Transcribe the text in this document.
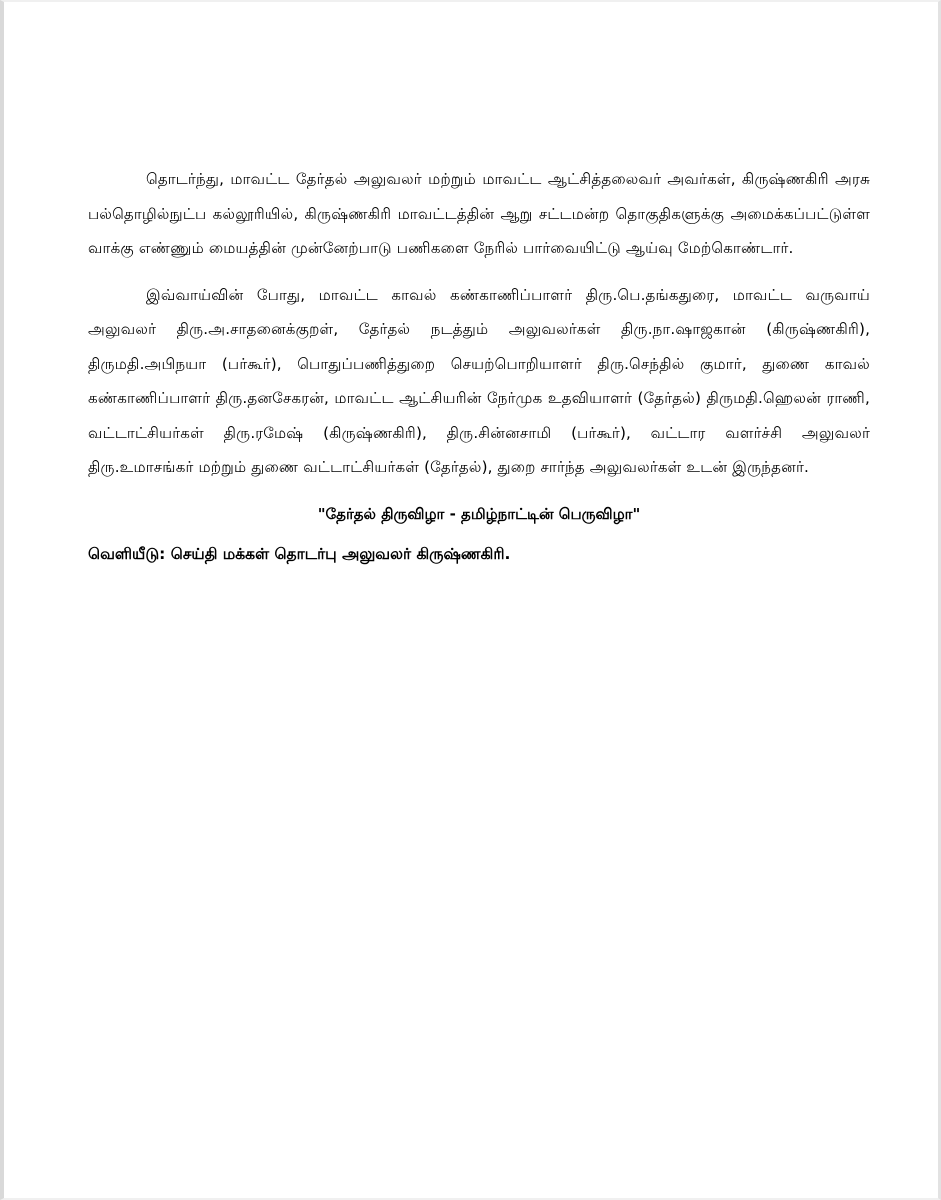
தொடர்ந்து, மாவட்ட தேர்தல் அலுவலர் மற்றும் மாவட்ட ஆட்சித்தலைவர் அவர்கள், கிருஷ்ணகிரி அரசு பல்தொழில்நுட்ப கல்லூரியில், கிருஷ்ணகிரி மாவட்டத்தின் ஆறு சட்டமன்ற தொகுதிகளுக்கு அமைக்கப்பட்டுள்ள வாக்கு எண்ணும் மையத்தின் முன்னேற்பாடு பணிகளை நேரில் பார்வையிட்டு ஆய்வு மேற்கொண்டார்.

இவ்வாய்வின் போது, மாவட்ட காவல் கண்காணிப்பாளர் திரு.பெ.தங்கதுரை, மாவட்ட வருவாய் அலுவலர் திரு.அ.சாதனைக்குறள், தேர்தல் நடத்தும் அலுவலர்கள் திரு.நா.ஷாஜகான் (கிருஷ்ணகிரி), திருமதி.அபிநயா (பர்கூர்), பொதுப்பணித்துறை செயற்பொறியாளர் திரு.செந்தில் குமார், துணை காவல் கண்காணிப்பாளர் திரு.தனசேகரன், மாவட்ட ஆட்சியரின் நேர்முக உதவியாளர் (தேர்தல்) திருமதி.ஹெலன் ராணி, வட்டாட்சியர்கள் திரு.ரமேஷ் (கிருஷ்ணகிரி), திரு.சின்னசாமி (பர்கூர்), வட்டார வளர்ச்சி அலுவலர் திரு.உமாசங்கர் மற்றும் துணை வட்டாட்சியர்கள் (தேர்தல்), துறை சார்ந்த அலுவலர்கள் உடன் இருந்தனர்.

"தேர்தல் திருவிழா - தமிழ்நாட்டின் பெருவிழா"

வெளியீடு: செய்தி மக்கள் தொடர்பு அலுவலர் கிருஷ்ணகிரி.
